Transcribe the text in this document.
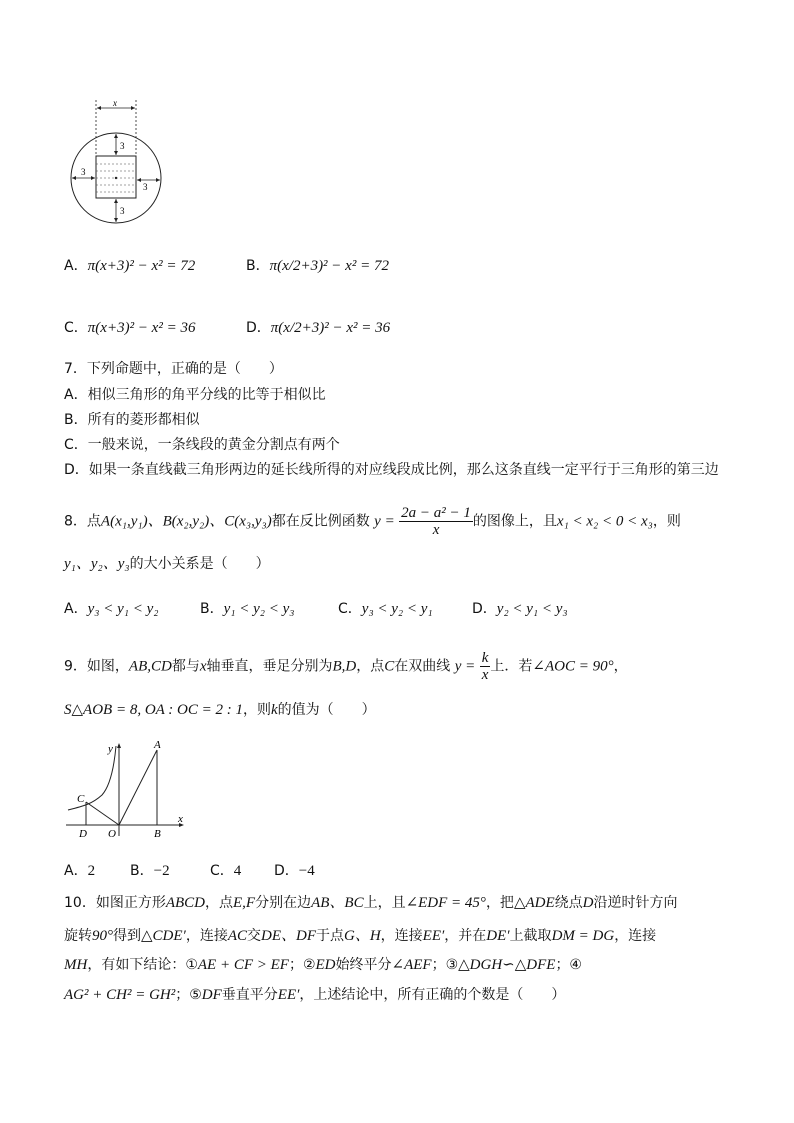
x
3
3
3
3
A．π(x+3)² − x² = 72	B．π(x/2+3)² − x² = 72
C．π(x+3)² − x² = 36	D．π(x/2+3)² − x² = 36
7．下列命题中，正确的是（　　）
A．相似三角形的角平分线的比等于相似比
B．所有的菱形都相似
C．一般来说，一条线段的黄金分割点有两个
D．如果一条直线截三角形两边的延长线所得的对应线段成比例，那么这条直线一定平行于三角形的第三边
8．点A(x₁,y₁)、B(x₂,y₂)、C(x₃,y₃)都在反比例函数 $y = \frac{\text{2a − a² − 1}}{x}$ 的图像上，且x₁ < x₂ < 0 < x₃，则
y₁、y₂、y₃的大小关系是（　　）
A．y₃ < y₁ < y₂	B．y₁ < y₂ < y₃	C．y₃ < y₂ < y₁	D．y₂ < y₁ < y₃
9．如图，AB,CD都与x轴垂直，垂足分别为B,D，点C在双曲线 $y = \frac{k}{x}$ 上．若∠AOC = 90°，
S△AOB = 8, OA : OC = 2 : 1，则k的值为（　　）
x
y	A
C
D O	B
A．2 B．−2	C．4 D．−4
10．如图正方形ABCD，点E,F分别在边AB、BC上，且∠EDF = 45°，把△ADE绕点D沿逆时针方向
旋转90°得到△CDE′，连接AC交DE、DF于点G、H，连接EE′，并在DE′上截取DM = DG，连接
MH，有如下结论：①AE + CF > EF；②ED始终平分∠AEF；③△DGH∽△DFE；④
AG² + CH² = GH²；⑤DF垂直平分EE′，上述结论中，所有正确的个数是（　　）
